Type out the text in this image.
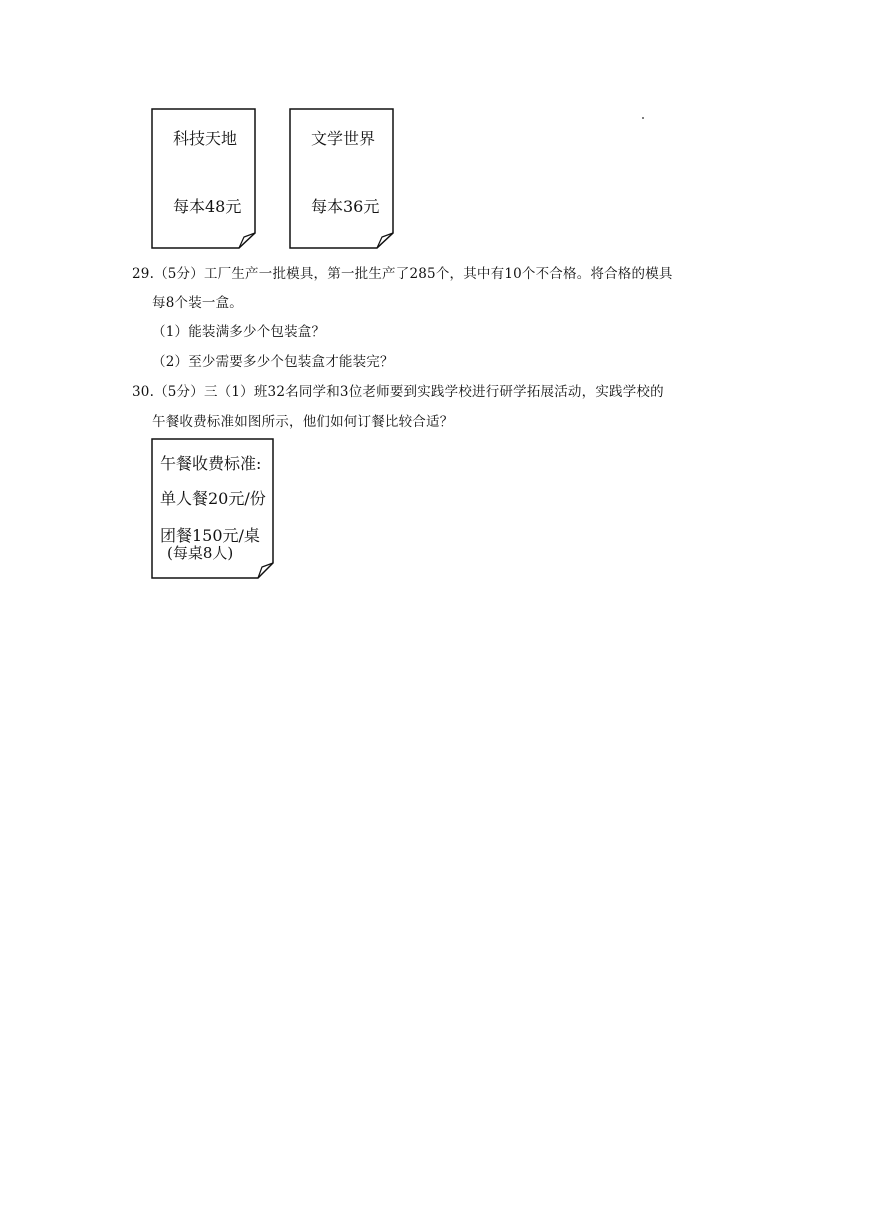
科技天地
每本48元
文学世界
每本36元
29.（5分）工厂生产一批模具，第一批生产了285个，其中有10个不合格。将合格的模具
每8个装一盒。
（1）能装满多少个包装盒？
（2）至少需要多少个包装盒才能装完？
30.（5分）三（1）班32名同学和3位老师要到实践学校进行研学拓展活动，实践学校的
午餐收费标准如图所示，他们如何订餐比较合适？
午餐收费标准:
单人餐20元/份
团餐150元/桌
(每桌8人)
